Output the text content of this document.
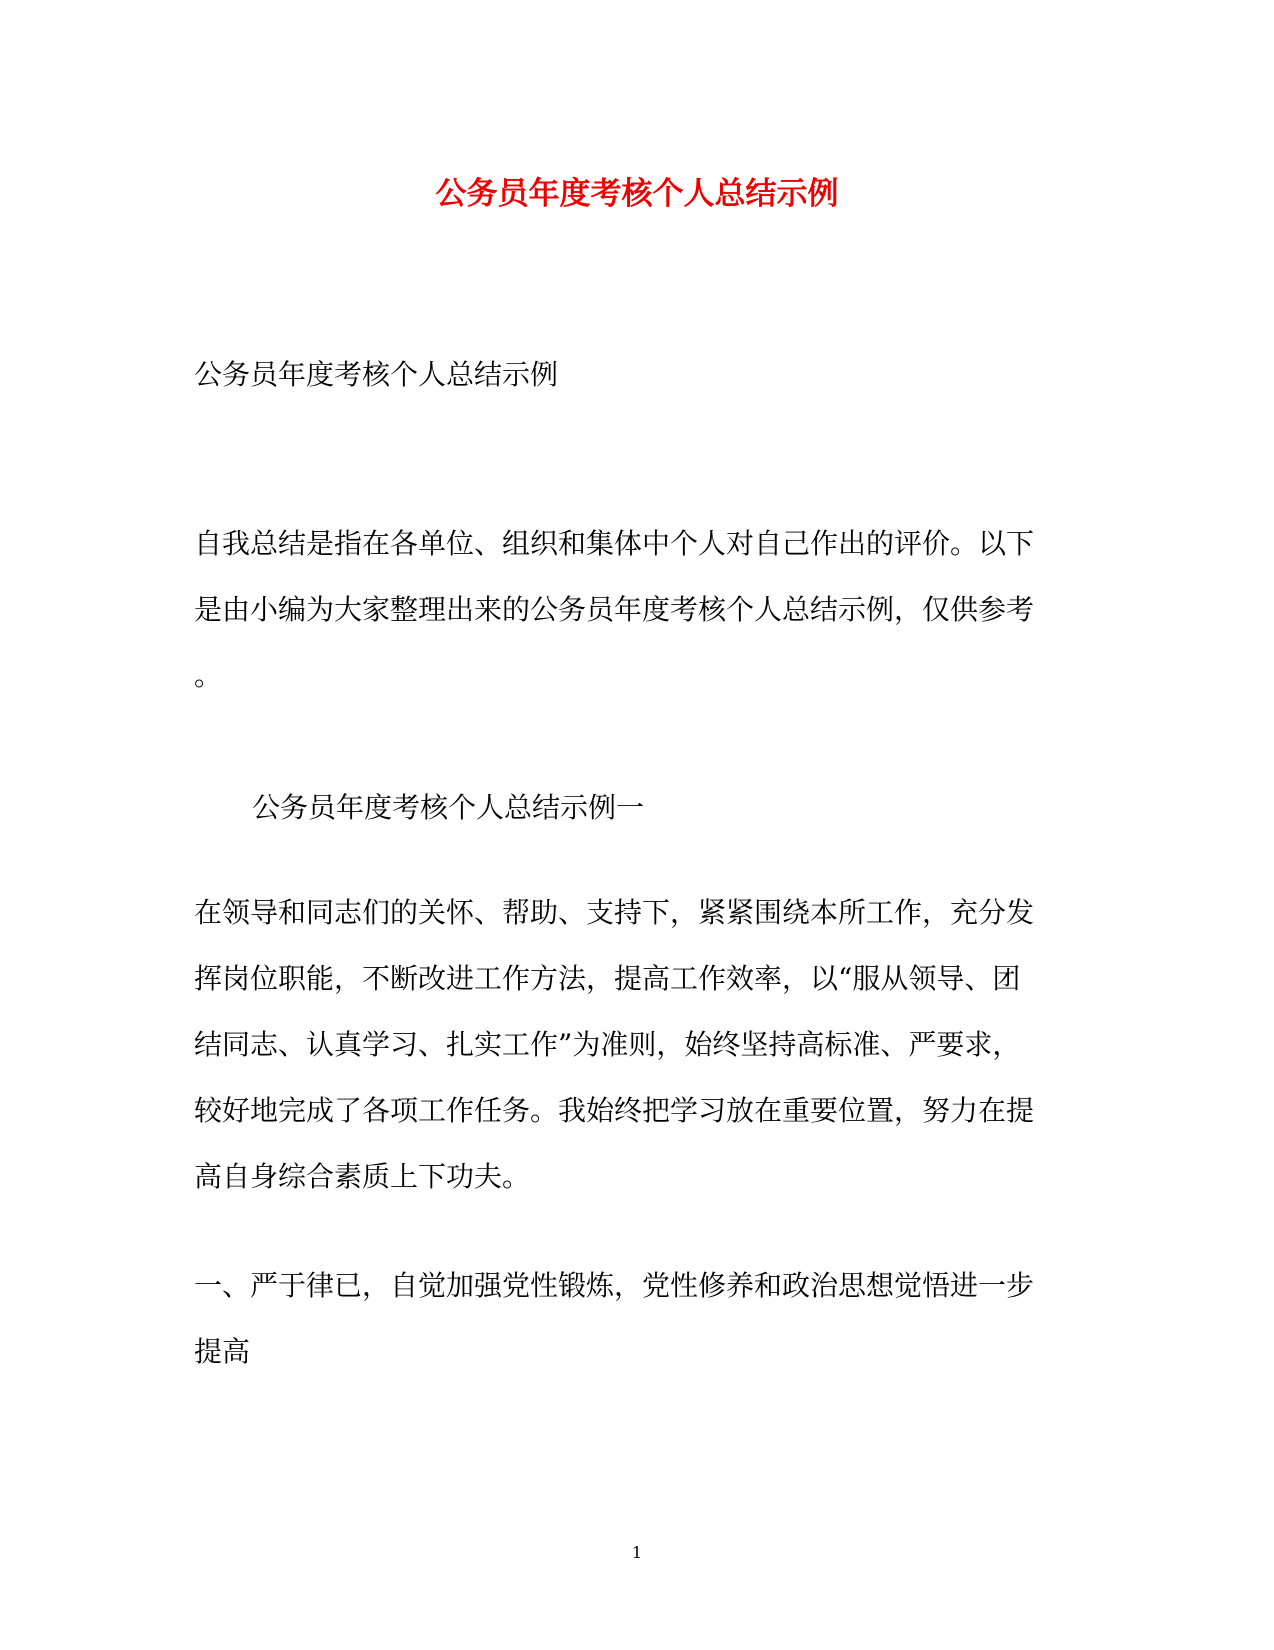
公务员年度考核个人总结示例
公务员年度考核个人总结示例
自我总结是指在各单位、组织和集体中个人对自己作出的评价。以下
是由小编为大家整理出来的公务员年度考核个人总结示例，仅供参考
。
公务员年度考核个人总结示例一
在领导和同志们的关怀、帮助、支持下，紧紧围绕本所工作，充分发
挥岗位职能，不断改进工作方法，提高工作效率，以“服从领导、团
结同志、认真学习、扎实工作”为准则，始终坚持高标准、严要求，
较好地完成了各项工作任务。我始终把学习放在重要位置，努力在提
高自身综合素质上下功夫。
一、严于律已，自觉加强党性锻炼，党性修养和政治思想觉悟进一步
提高
1
